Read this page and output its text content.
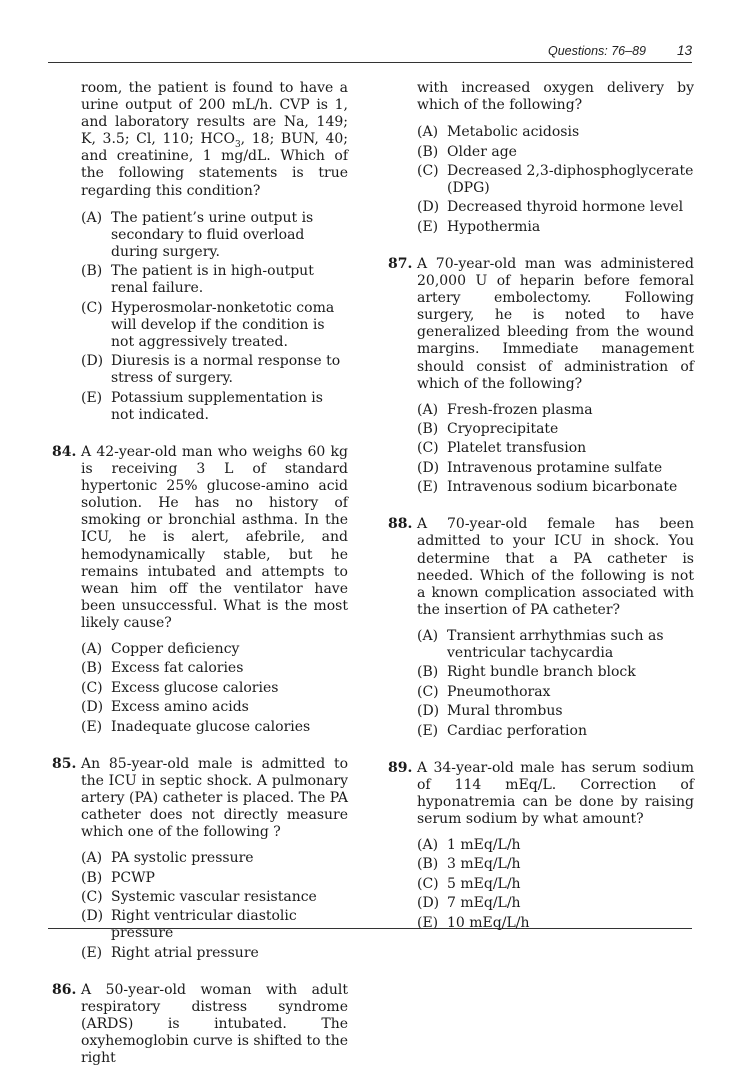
Questions: 76–89 13
room, the patient is found to have a urine output of 200 mL/h. CVP is 1, and laboratory results are Na, 149; K, 3.5; Cl, 110; $HCO_3$, 18; BUN, 40; and creatinine, 1 mg/dL. Which of the following statements is true regarding this condition?
(A) The patient’s urine output is secondary to fluid overload during surgery.
(B) The patient is in high-output renal failure.
(C) Hyperosmolar-nonketotic coma will develop if the condition is not aggressively treated.
(D) Diuresis is a normal response to stress of surgery.
(E) Potassium supplementation is not indicated.
84. A 42-year-old man who weighs 60 kg is receiving 3 L of standard hypertonic 25% glucose-amino acid solution. He has no history of smoking or bronchial asthma. In the ICU, he is alert, afebrile, and hemodynamically stable, but he remains intubated and attempts to wean him off the ventilator have been unsuccessful. What is the most likely cause?
(A) Copper deficiency
(B) Excess fat calories
(C) Excess glucose calories
(D) Excess amino acids
(E) Inadequate glucose calories
85. An 85-year-old male is admitted to the ICU in septic shock. A pulmonary artery (PA) catheter is placed. The PA catheter does not directly measure which one of the following ?
(A) PA systolic pressure
(B) PCWP
(C) Systemic vascular resistance
(D) Right ventricular diastolic pressure
(E) Right atrial pressure
86. A 50-year-old woman with adult respiratory distress syndrome (ARDS) is intubated. The oxyhemoglobin curve is shifted to the right
with increased oxygen delivery by which of the following?
(A) Metabolic acidosis
(B) Older age
(C) Decreased 2,3-diphosphoglycerate (DPG)
(D) Decreased thyroid hormone level
(E) Hypothermia
87. A 70-year-old man was administered 20,000 U of heparin before femoral artery embolectomy. Following surgery, he is noted to have generalized bleeding from the wound margins. Immediate management should consist of administration of which of the following?
(A) Fresh-frozen plasma
(B) Cryoprecipitate
(C) Platelet transfusion
(D) Intravenous protamine sulfate
(E) Intravenous sodium bicarbonate
88. A 70-year-old female has been admitted to your ICU in shock. You determine that a PA catheter is needed. Which of the following is not a known complication associated with the insertion of PA catheter?
(A) Transient arrhythmias such as ventricular tachycardia
(B) Right bundle branch block
(C) Pneumothorax
(D) Mural thrombus
(E) Cardiac perforation
89. A 34-year-old male has serum sodium of 114 mEq/L. Correction of hyponatremia can be done by raising serum sodium by what amount?
(A) 1 mEq/L/h
(B) 3 mEq/L/h
(C) 5 mEq/L/h
(D) 7 mEq/L/h
(E) 10 mEq/L/h
